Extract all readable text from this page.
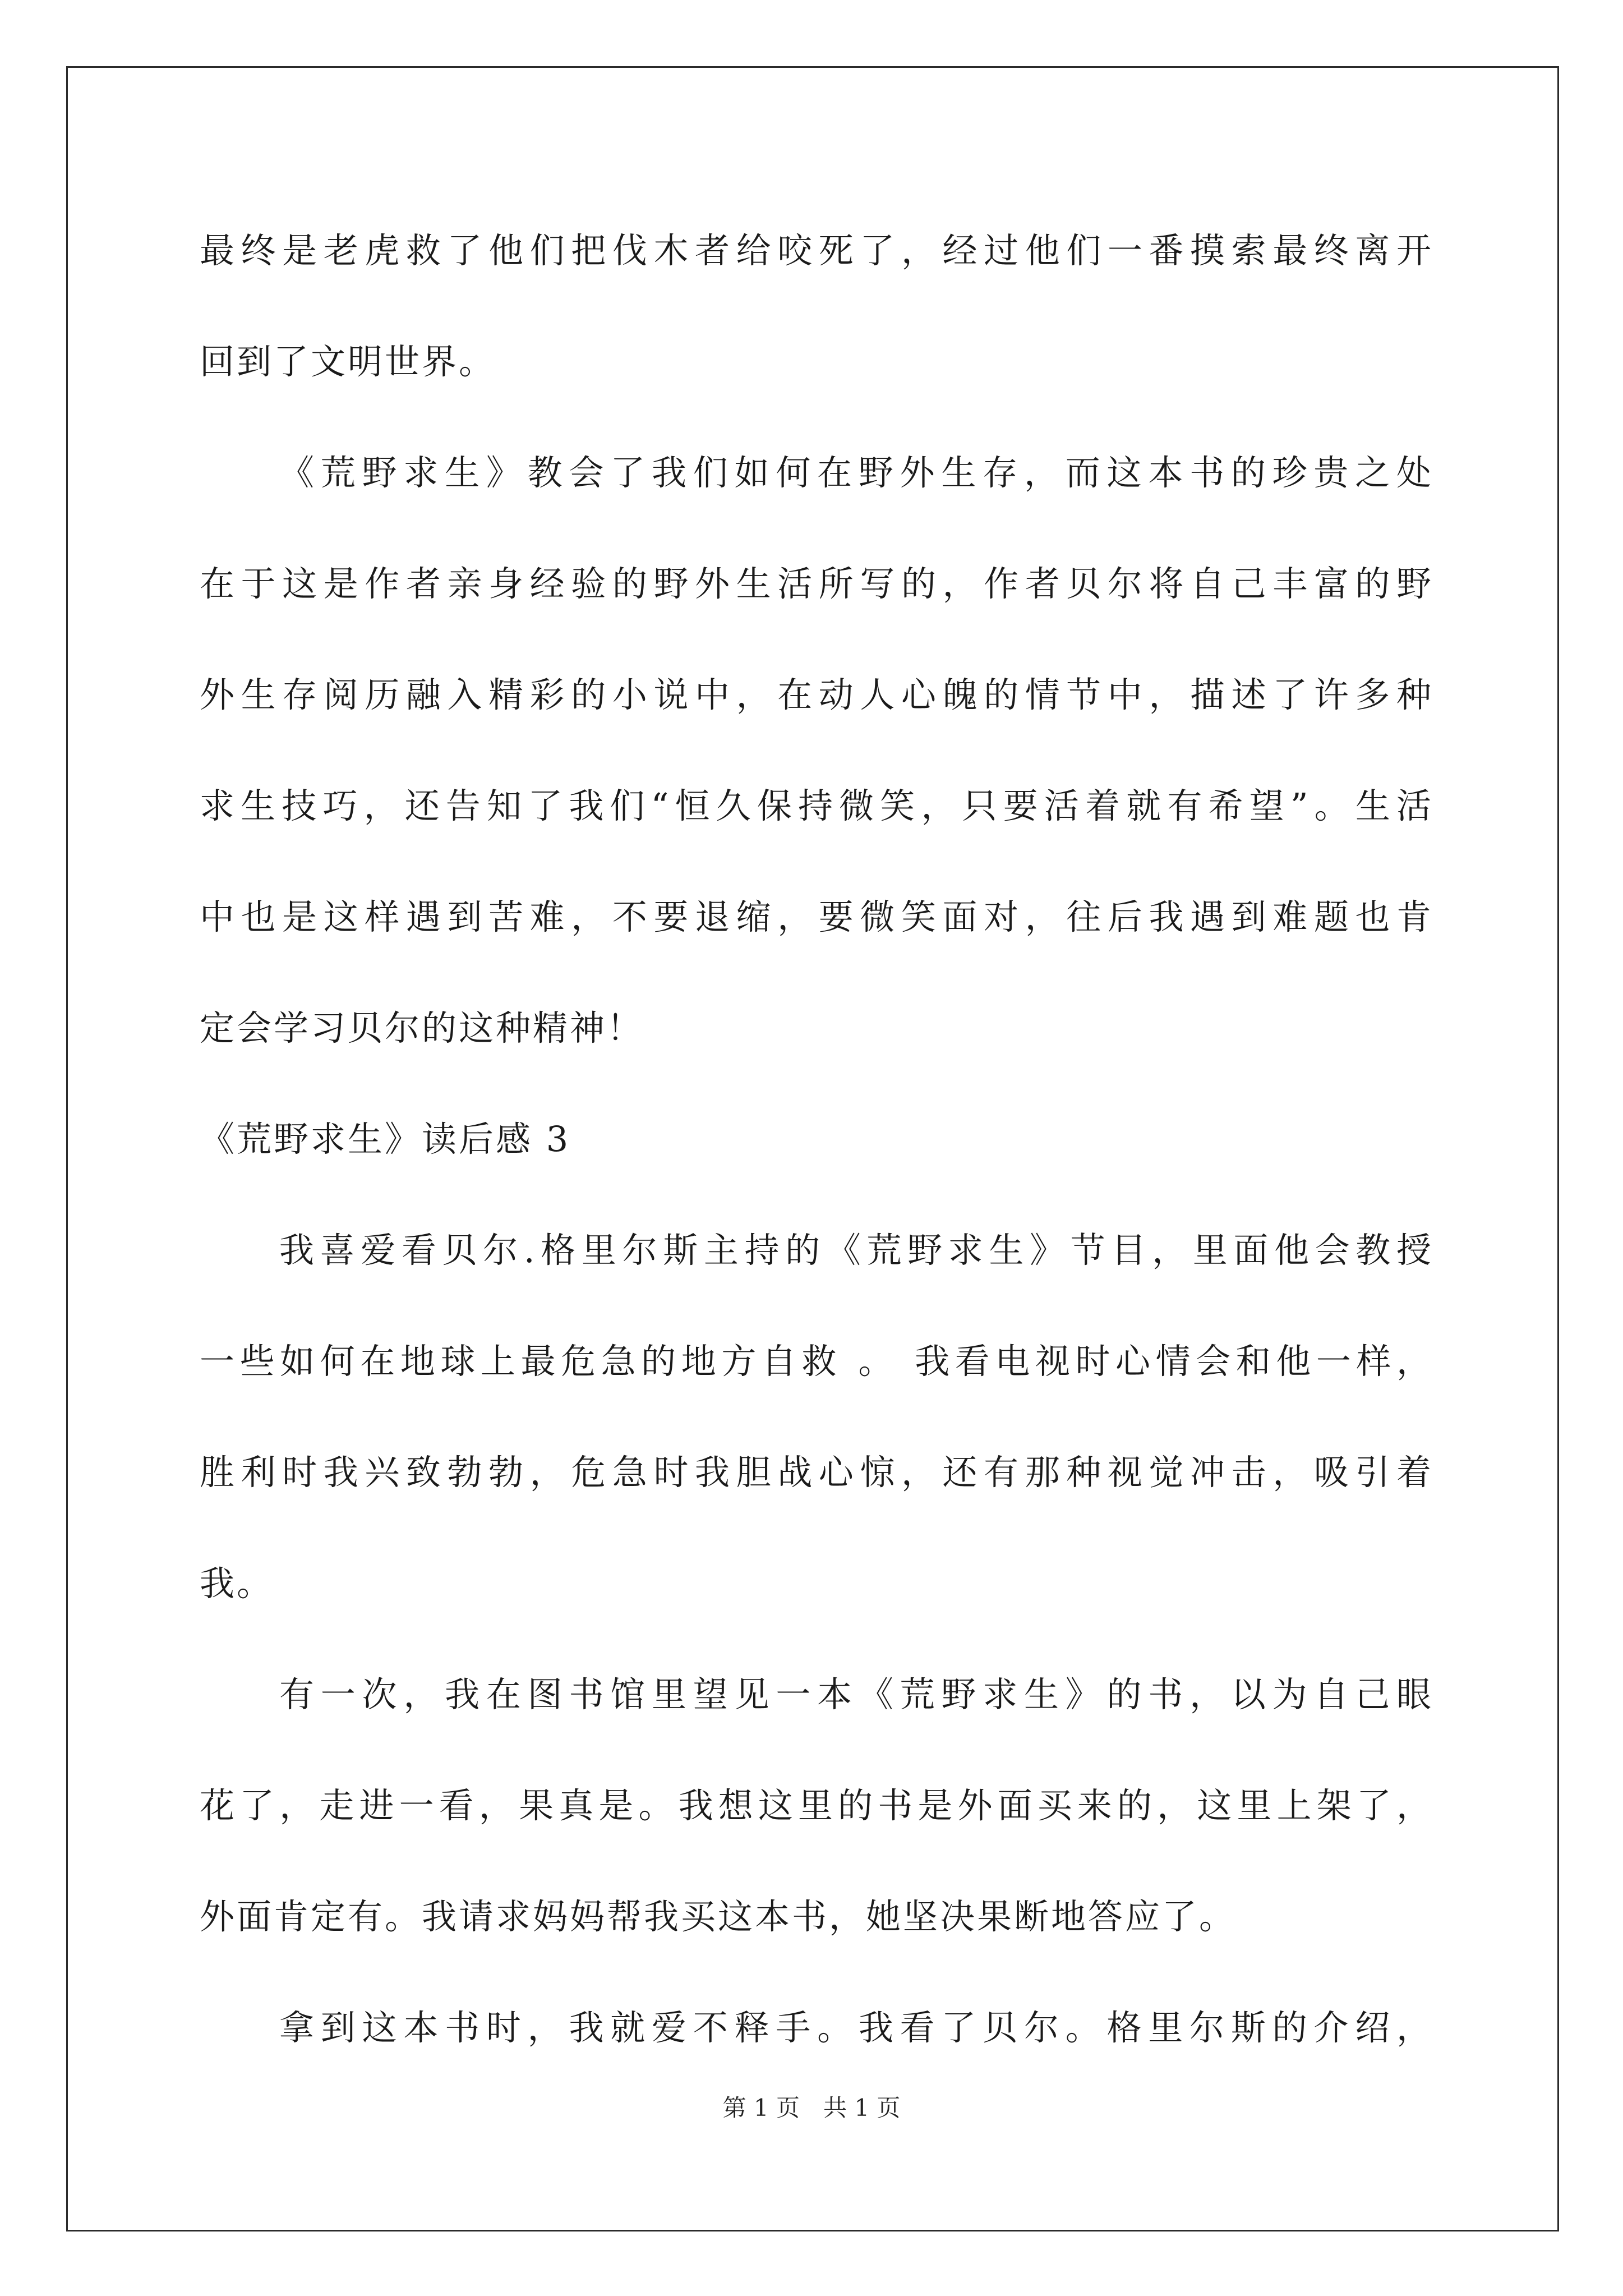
最终是老虎救了他们把伐木者给咬死了，经过他们一番摸索最终离开
回到了文明世界。
《荒野求生》教会了我们如何在野外生存，而这本书的珍贵之处
在于这是作者亲身经验的野外生活所写的，作者贝尔将自己丰富的野
外生存阅历融入精彩的小说中，在动人心魄的情节中，描述了许多种
求生技巧，还告知了我们“恒久保持微笑，只要活着就有希望”。生活
中也是这样遇到苦难，不要退缩，要微笑面对，往后我遇到难题也肯
定会学习贝尔的这种精神！
《荒野求生》读后感 3
我喜爱看贝尔.格里尔斯主持的《荒野求生》节目，里面他会教授
一些如何在地球上最危急的地方自救 。 我看电视时心情会和他一样，
胜利时我兴致勃勃，危急时我胆战心惊，还有那种视觉冲击，吸引着
我。
有一次，我在图书馆里望见一本《荒野求生》的书，以为自己眼
花了，走进一看，果真是。我想这里的书是外面买来的，这里上架了，
外面肯定有。我请求妈妈帮我买这本书，她坚决果断地答应了。
拿到这本书时，我就爱不释手。我看了贝尔。格里尔斯的介绍，
第 1 页 共 1 页
